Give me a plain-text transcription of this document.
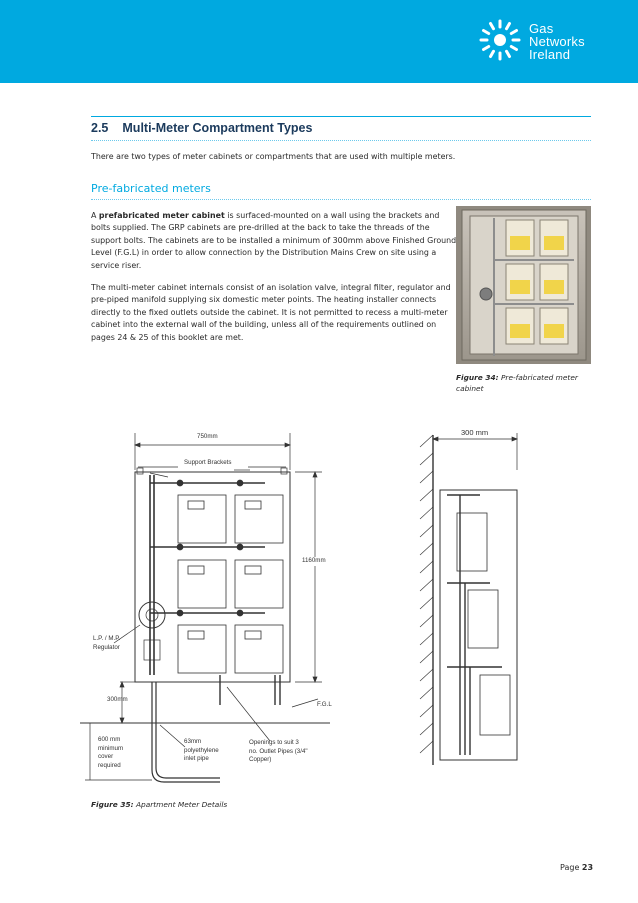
Gas
Networks
Ireland
2.5 Multi-Meter Compartment Types
There are two types of meter cabinets or compartments that are used with multiple meters.
Pre-fabricated meters
A prefabricated meter cabinet is surfaced-mounted on a wall using the brackets and bolts supplied. The GRP cabinets are pre-drilled at the back to take the threads of the support bolts. The cabinets are to be installed a minimum of 300mm above Finished Ground Level (F.G.L) in order to allow connection by the Distribution Mains Crew on site using a service riser.
The multi-meter cabinet internals consist of an isolation valve, integral filter, regulator and pre-piped manifold supplying six domestic meter points. The heating installer connects directly to the fixed outlets outside the cabinet. It is not permitted to recess a multi-meter cabinet into the external wall of the building, unless all of the requirements outlined on pages 24 & 25 of this booklet are met.
Figure 34: Pre-fabricated meter cabinet
750mm
Support Brackets
1160mm
L.P. / M.P.
Regulator
300mm
F.G.L
600 mm
minimum
cover
required
63mm
polyethylene
inlet pipe
Openings to suit 3
no. Outlet Pipes (3/4"
Copper)
300 mm
Figure 35: Apartment Meter Details
Page 23
